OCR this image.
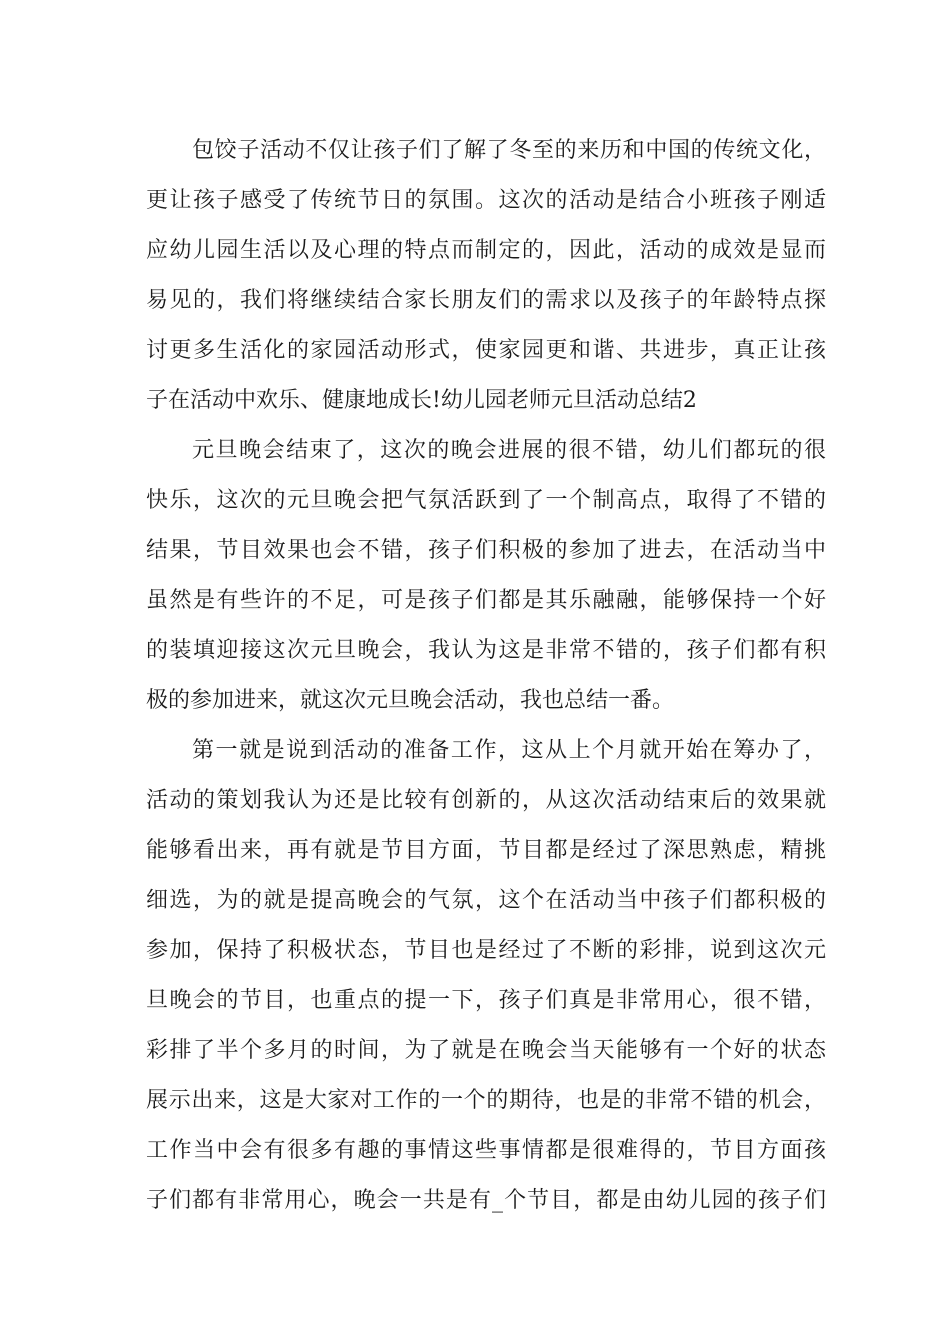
包饺子活动不仅让孩子们了解了冬至的来历和中国的传统文化，
更让孩子感受了传统节日的氛围。这次的活动是结合小班孩子刚适
应幼儿园生活以及心理的特点而制定的，因此，活动的成效是显而
易见的，我们将继续结合家长朋友们的需求以及孩子的年龄特点探
讨更多生活化的家园活动形式，使家园更和谐、共进步，真正让孩
子在活动中欢乐、健康地成长!幼儿园老师元旦活动总结2
元旦晚会结束了，这次的晚会进展的很不错，幼儿们都玩的很
快乐，这次的元旦晚会把气氛活跃到了一个制高点，取得了不错的
结果，节目效果也会不错，孩子们积极的参加了进去，在活动当中
虽然是有些许的不足，可是孩子们都是其乐融融，能够保持一个好
的装填迎接这次元旦晚会，我认为这是非常不错的，孩子们都有积
极的参加进来，就这次元旦晚会活动，我也总结一番。
第一就是说到活动的准备工作，这从上个月就开始在筹办了，
活动的策划我认为还是比较有创新的，从这次活动结束后的效果就
能够看出来，再有就是节目方面，节目都是经过了深思熟虑，精挑
细选，为的就是提高晚会的气氛，这个在活动当中孩子们都积极的
参加，保持了积极状态，节目也是经过了不断的彩排，说到这次元
旦晚会的节目，也重点的提一下，孩子们真是非常用心，很不错，
彩排了半个多月的时间，为了就是在晚会当天能够有一个好的状态
展示出来，这是大家对工作的一个的期待，也是的非常不错的机会，
工作当中会有很多有趣的事情这些事情都是很难得的，节目方面孩
子们都有非常用心，晚会一共是有_个节目，都是由幼儿园的孩子们
